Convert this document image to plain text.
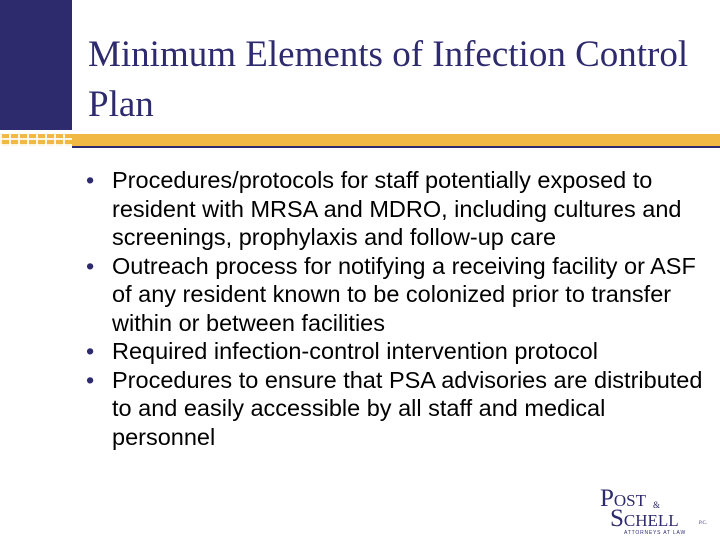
Minimum Elements of Infection Control Plan
• Procedures/protocols for staff potentially exposed to resident with MRSA and MDRO, including cultures and screenings, prophylaxis and follow-up care
• Outreach process for notifying a receiving facility or ASF of any resident known to be colonized prior to transfer within or between facilities
• Required infection-control intervention protocol
• Procedures to ensure that PSA advisories are distributed to and easily accessible by all staff and medical personnel
POST &
SCHELL	P.C.
ATTORNEYS AT LAW
